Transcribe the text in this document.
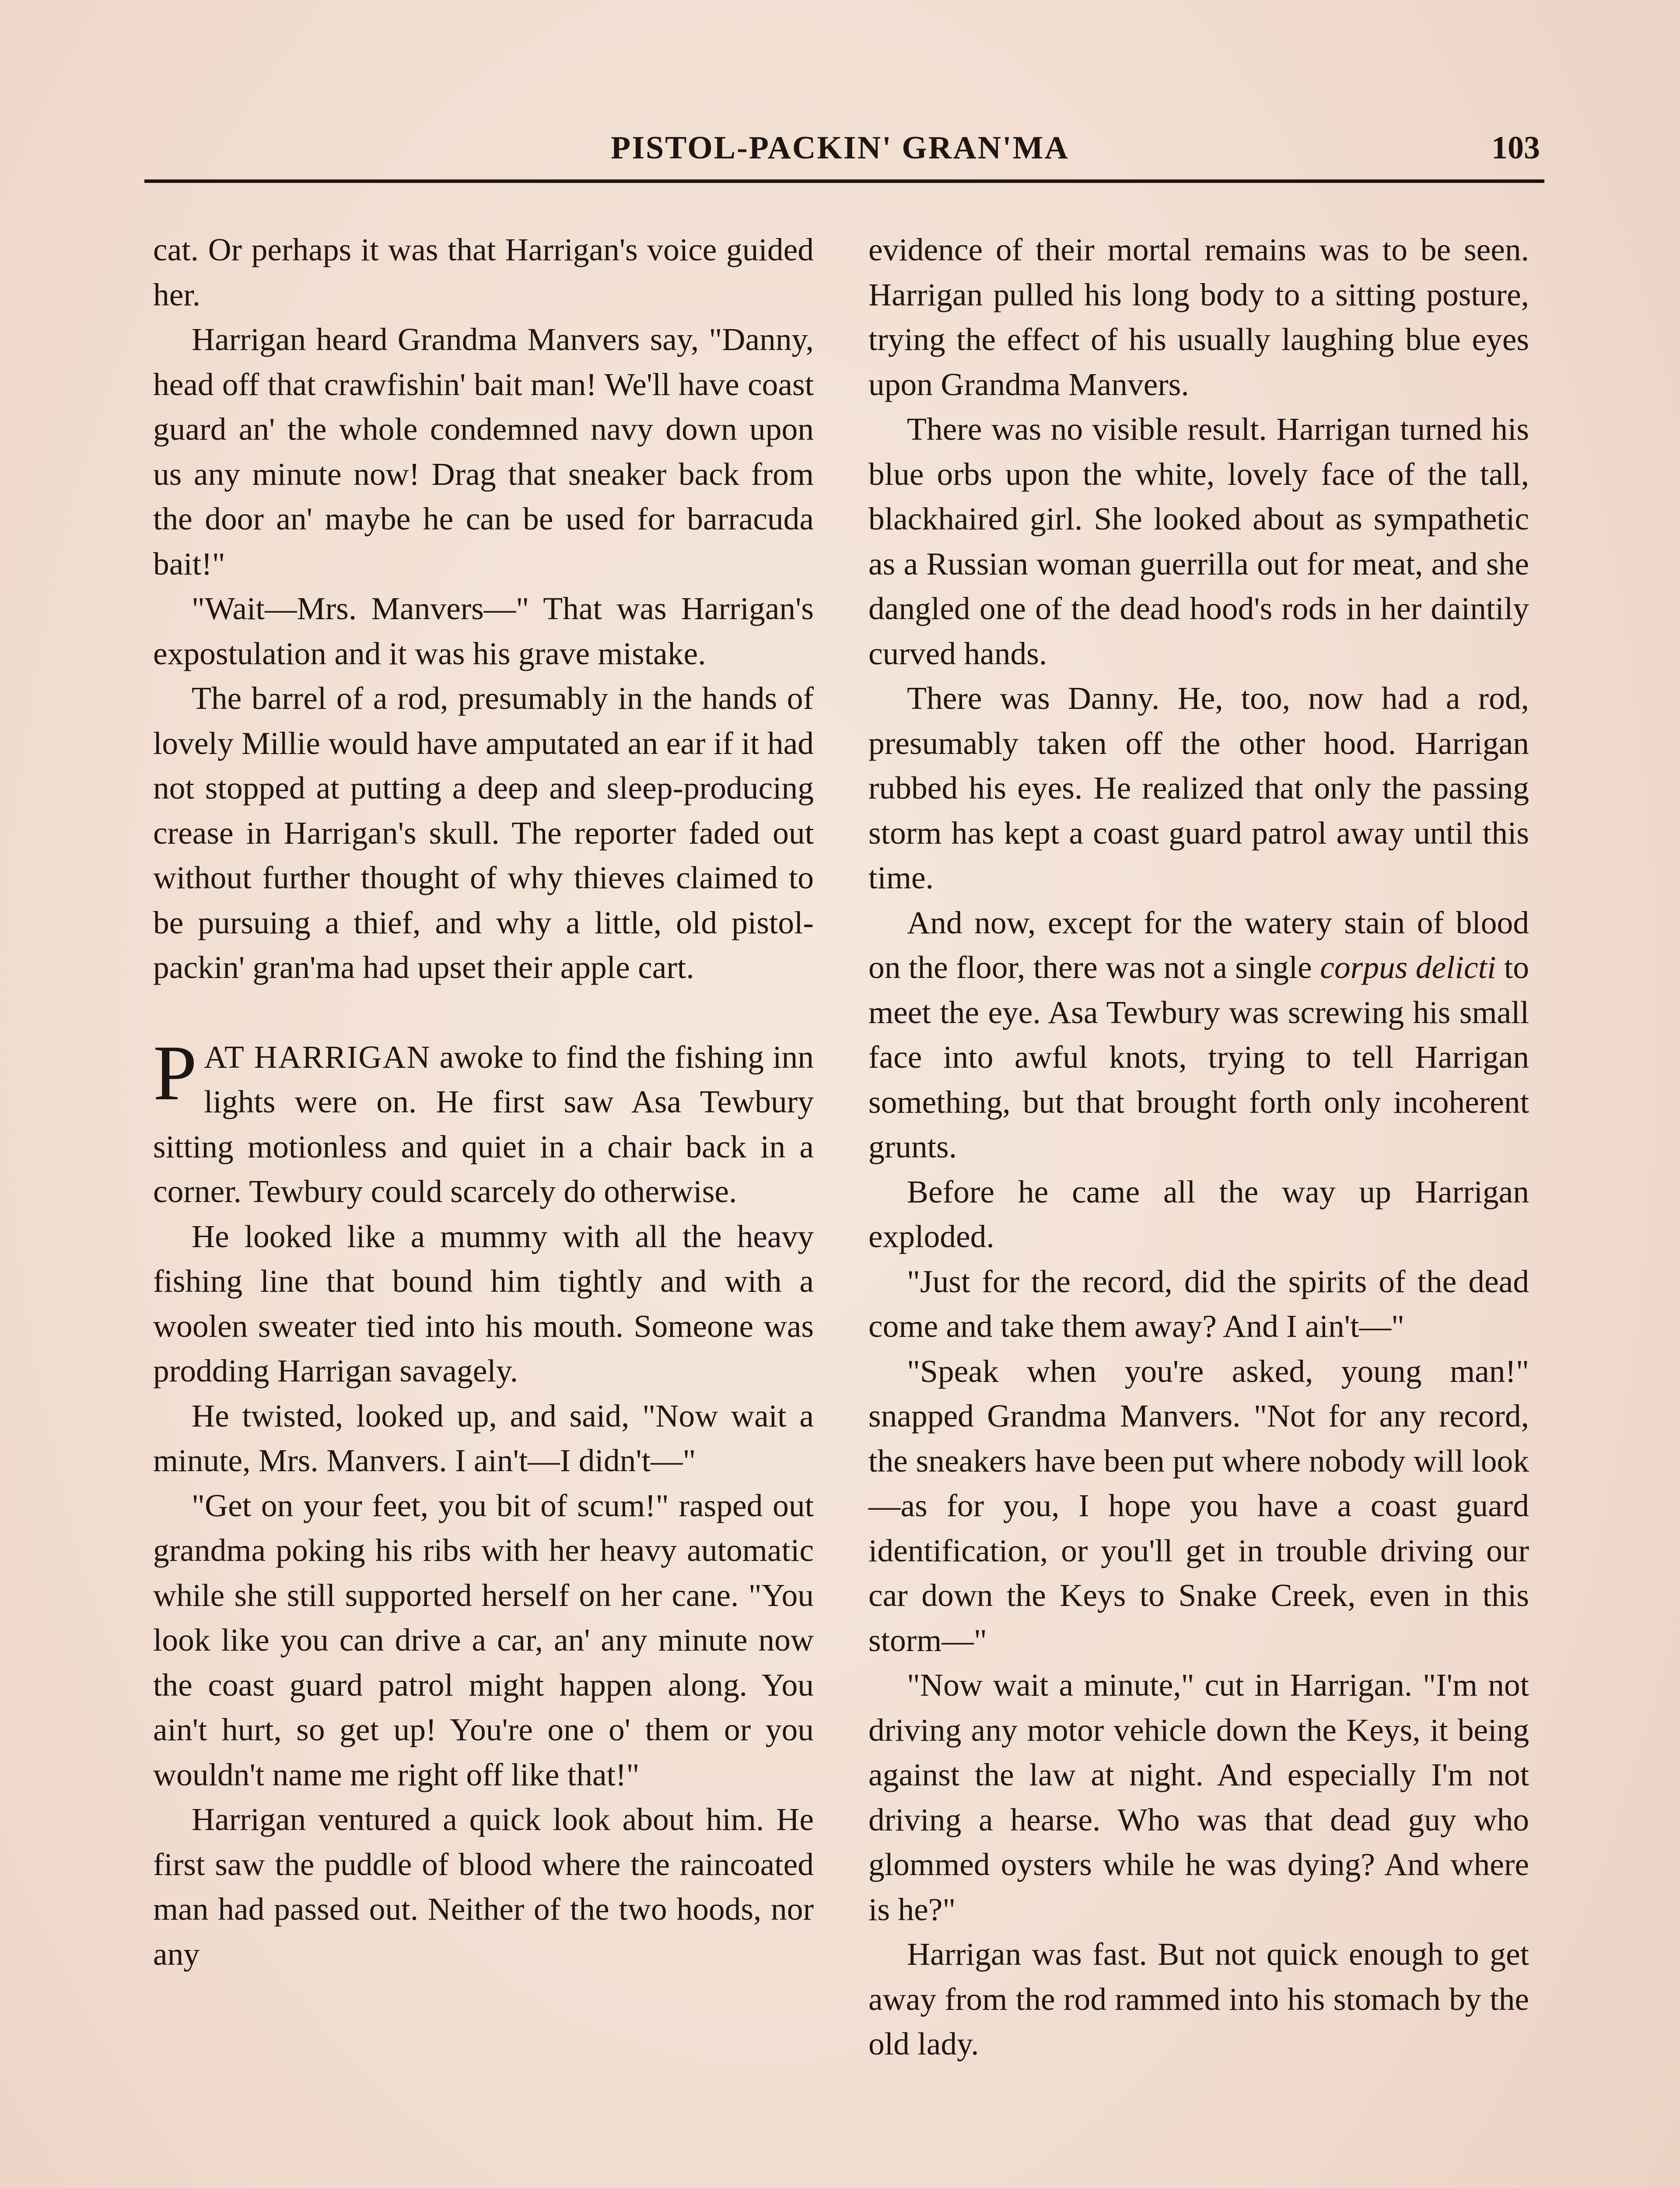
PISTOL-PACKIN' GRAN'MA	103

cat. Or perhaps it was that Harrigan's voice guided her.

Harrigan heard Grandma Manvers say, "Danny, head off that crawfishin' bait man! We'll have coast guard an' the whole condemned navy down upon us any minute now! Drag that sneaker back from the door an' maybe he can be used for barracuda bait!"

"Wait—Mrs. Manvers—" That was Harrigan's expostulation and it was his grave mistake.

The barrel of a rod, presumably in the hands of lovely Millie would have amputated an ear if it had not stopped at putting a deep and sleep-producing crease in Harrigan's skull. The reporter faded out without further thought of why thieves claimed to be pursuing a thief, and why a little, old pistol-packin' gran'ma had upset their apple cart.

PAT HARRIGAN awoke to find the fishing inn lights were on. He first saw Asa Tewbury sitting motionless and quiet in a chair back in a corner. Tewbury could scarcely do otherwise.

He looked like a mummy with all the heavy fishing line that bound him tightly and with a woolen sweater tied into his mouth. Someone was prodding Harrigan savagely.

He twisted, looked up, and said, "Now wait a minute, Mrs. Manvers. I ain't—I didn't—"

"Get on your feet, you bit of scum!" rasped out grandma poking his ribs with her heavy automatic while she still supported herself on her cane. "You look like you can drive a car, an' any minute now the coast guard patrol might happen along. You ain't hurt, so get up! You're one o' them or you wouldn't name me right off like that!"

Harrigan ventured a quick look about him. He first saw the puddle of blood where the raincoated man had passed out. Neither of the two hoods, nor any

evidence of their mortal remains was to be seen. Harrigan pulled his long body to a sitting posture, trying the effect of his usually laughing blue eyes upon Grandma Manvers.

There was no visible result. Harrigan turned his blue orbs upon the white, lovely face of the tall, blackhaired girl. She looked about as sympathetic as a Russian woman guerrilla out for meat, and she dangled one of the dead hood's rods in her daintily curved hands.

There was Danny. He, too, now had a rod, presumably taken off the other hood. Harrigan rubbed his eyes. He realized that only the passing storm has kept a coast guard patrol away until this time.

And now, except for the watery stain of blood on the floor, there was not a single corpus delicti to meet the eye. Asa Tewbury was screwing his small face into awful knots, trying to tell Harrigan something, but that brought forth only incoherent grunts.

Before he came all the way up Harrigan exploded.

"Just for the record, did the spirits of the dead come and take them away? And I ain't—"

"Speak when you're asked, young man!" snapped Grandma Manvers. "Not for any record, the sneakers have been put where nobody will look—as for you, I hope you have a coast guard identification, or you'll get in trouble driving our car down the Keys to Snake Creek, even in this storm—"

"Now wait a minute," cut in Harrigan. "I'm not driving any motor vehicle down the Keys, it being against the law at night. And especially I'm not driving a hearse. Who was that dead guy who glommed oysters while he was dying? And where is he?"

Harrigan was fast. But not quick enough to get away from the rod rammed into his stomach by the old lady.
